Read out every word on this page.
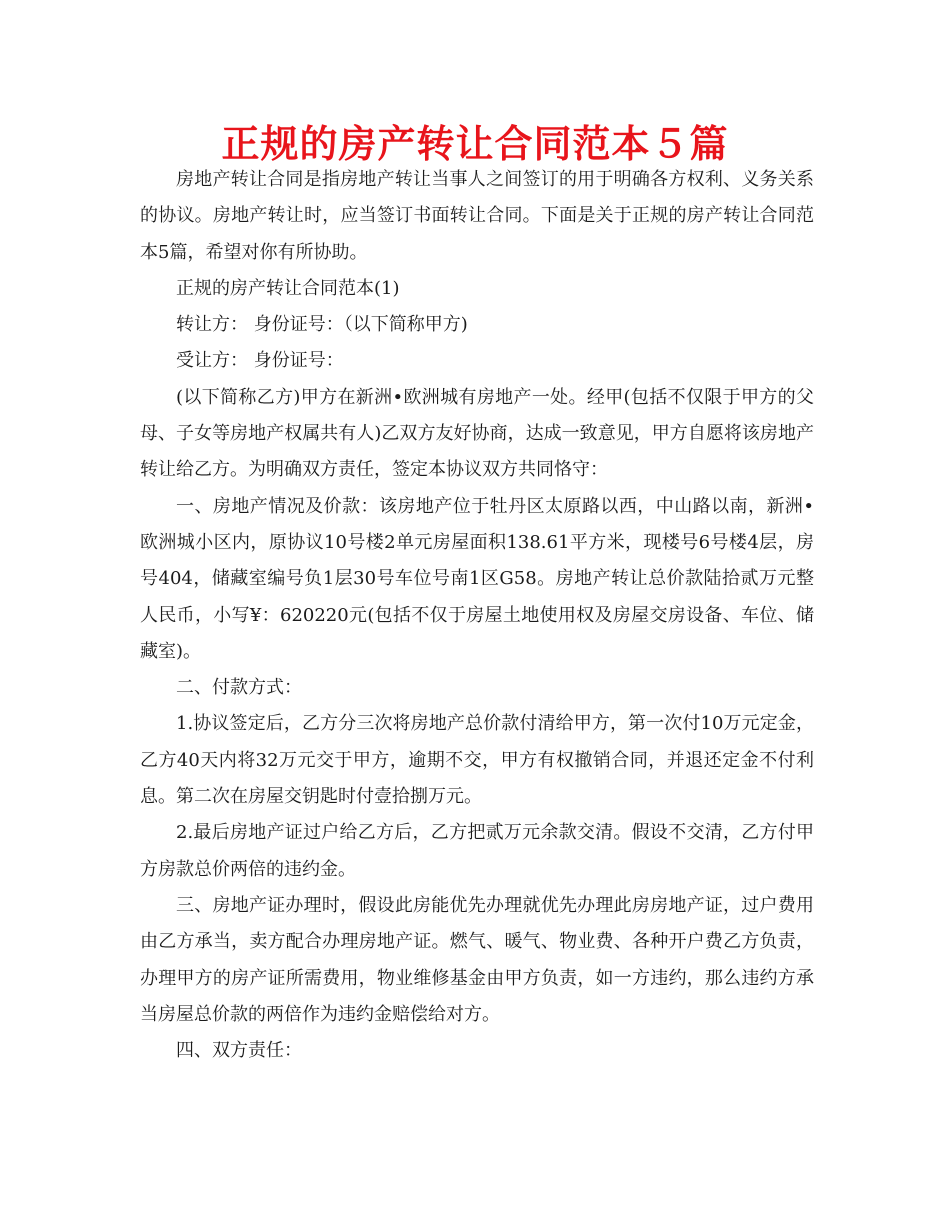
正规的房产转让合同范本５篇

房地产转让合同是指房地产转让当事人之间签订的用于明确各方权利、义务关系的协议。房地产转让时，应当签订书面转让合同。下面是关于正规的房产转让合同范本5篇，希望对你有所协助。

正规的房产转让合同范本(1)

转让方： 身份证号：（以下简称甲方)

受让方： 身份证号：

(以下简称乙方)甲方在新洲•欧洲城有房地产一处。经甲(包括不仅限于甲方的父母、子女等房地产权属共有人)乙双方友好协商，达成一致意见，甲方自愿将该房地产转让给乙方。为明确双方责任，签定本协议双方共同恪守：

一、房地产情况及价款：该房地产位于牡丹区太原路以西，中山路以南，新洲•欧洲城小区内，原协议10号楼2单元房屋面积138.61平方米，现楼号6号楼4层，房号404，储藏室编号负1层30号车位号南1区G58。房地产转让总价款陆拾贰万元整人民币，小写¥：620220元(包括不仅于房屋土地使用权及房屋交房设备、车位、储藏室)。

二、付款方式：

1.协议签定后，乙方分三次将房地产总价款付清给甲方，第一次付10万元定金，乙方40天内将32万元交于甲方，逾期不交，甲方有权撤销合同，并退还定金不付利息。第二次在房屋交钥匙时付壹拾捌万元。

2.最后房地产证过户给乙方后，乙方把贰万元余款交清。假设不交清，乙方付甲方房款总价两倍的违约金。

三、房地产证办理时，假设此房能优先办理就优先办理此房房地产证，过户费用由乙方承当，卖方配合办理房地产证。燃气、暖气、物业费、各种开户费乙方负责，办理甲方的房产证所需费用，物业维修基金由甲方负责，如一方违约，那么违约方承当房屋总价款的两倍作为违约金赔偿给对方。

四、双方责任：
